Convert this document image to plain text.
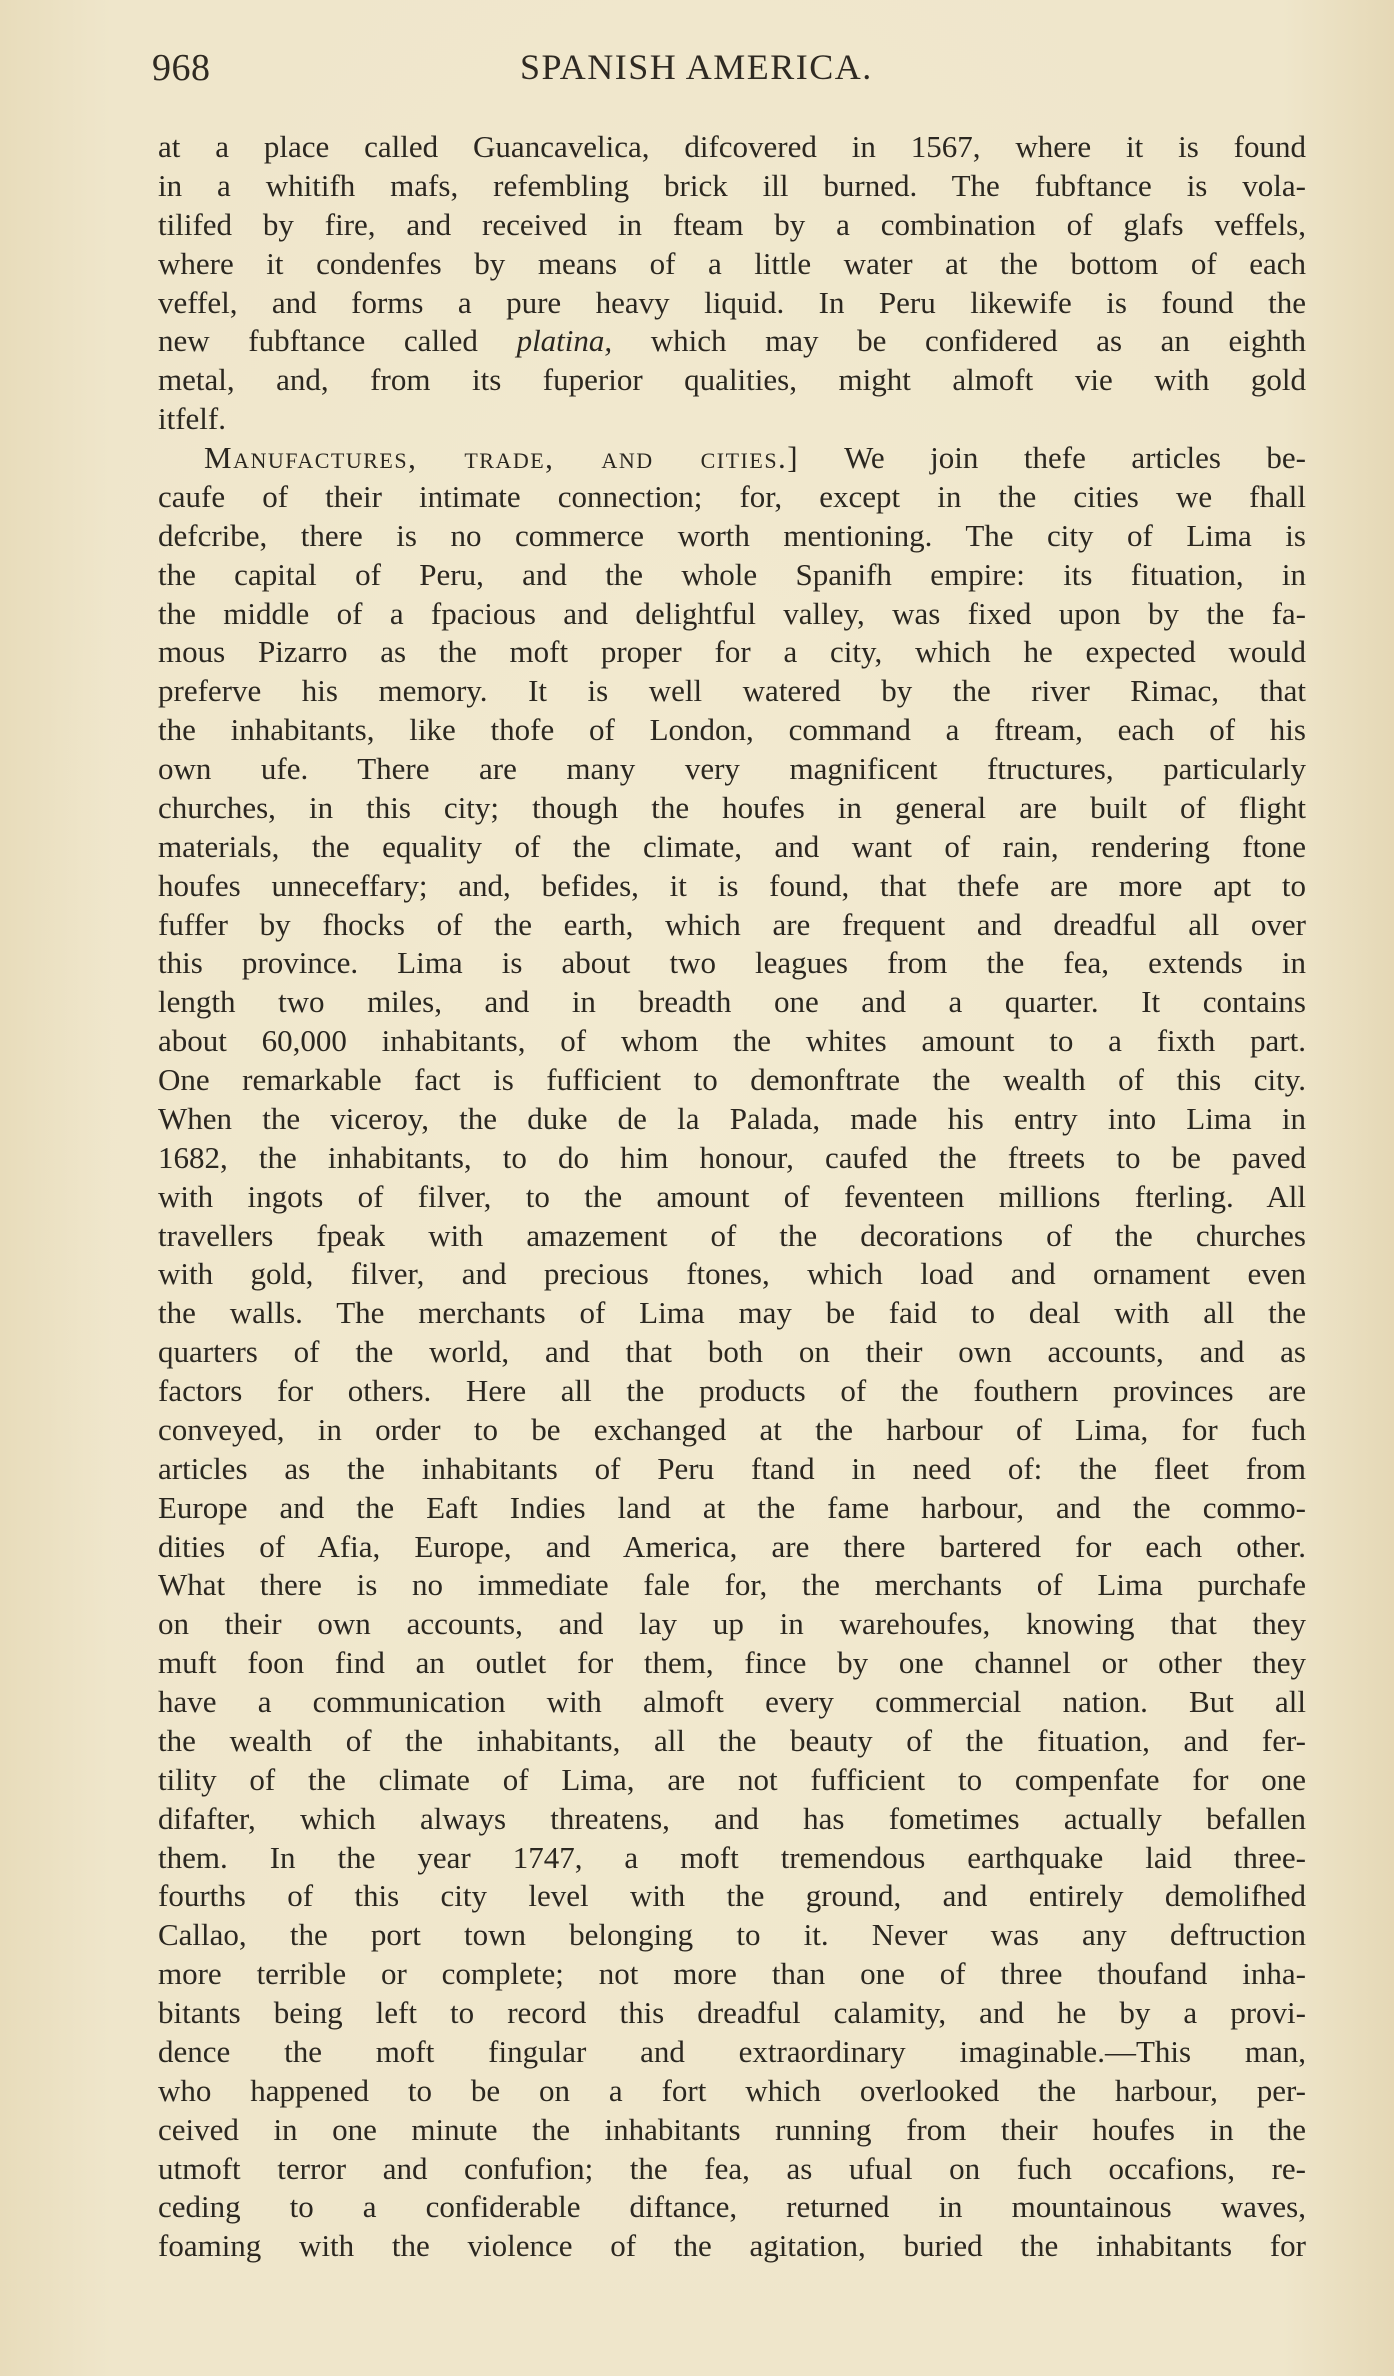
968	SPANISH AMERICA.
at a place called Guancavelica, difcovered in 1567, where it is found
in a whitifh mafs, refembling brick ill burned. The fubftance is vola-
tilifed by fire, and received in fteam by a combination of glafs veffels,
where it condenfes by means of a little water at the bottom of each
veffel, and forms a pure heavy liquid. In Peru likewife is found the
new fubftance called platina, which may be confidered as an eighth
metal, and, from its fuperior qualities, might almoft vie with gold
itfelf.
Manufactures, trade, and cities.] We join thefe articles be-
caufe of their intimate connection; for, except in the cities we fhall
defcribe, there is no commerce worth mentioning. The city of Lima is
the capital of Peru, and the whole Spanifh empire: its fituation, in
the middle of a fpacious and delightful valley, was fixed upon by the fa-
mous Pizarro as the moft proper for a city, which he expected would
preferve his memory. It is well watered by the river Rimac, that
the inhabitants, like thofe of London, command a ftream, each of his
own ufe. There are many very magnificent ftructures, particularly
churches, in this city; though the houfes in general are built of flight
materials, the equality of the climate, and want of rain, rendering ftone
houfes unneceffary; and, befides, it is found, that thefe are more apt to
fuffer by fhocks of the earth, which are frequent and dreadful all over
this province. Lima is about two leagues from the fea, extends in
length two miles, and in breadth one and a quarter. It contains
about 60,000 inhabitants, of whom the whites amount to a fixth part.
One remarkable fact is fufficient to demonftrate the wealth of this city.
When the viceroy, the duke de la Palada, made his entry into Lima in
1682, the inhabitants, to do him honour, caufed the ftreets to be paved
with ingots of filver, to the amount of feventeen millions fterling. All
travellers fpeak with amazement of the decorations of the churches
with gold, filver, and precious ftones, which load and ornament even
the walls. The merchants of Lima may be faid to deal with all the
quarters of the world, and that both on their own accounts, and as
factors for others. Here all the products of the fouthern provinces are
conveyed, in order to be exchanged at the harbour of Lima, for fuch
articles as the inhabitants of Peru ftand in need of: the fleet from
Europe and the Eaft Indies land at the fame harbour, and the commo-
dities of Afia, Europe, and America, are there bartered for each other.
What there is no immediate fale for, the merchants of Lima purchafe
on their own accounts, and lay up in warehoufes, knowing that they
muft foon find an outlet for them, fince by one channel or other they
have a communication with almoft every commercial nation. But all
the wealth of the inhabitants, all the beauty of the fituation, and fer-
tility of the climate of Lima, are not fufficient to compenfate for one
difafter, which always threatens, and has fometimes actually befallen
them. In the year 1747, a moft tremendous earthquake laid three-
fourths of this city level with the ground, and entirely demolifhed
Callao, the port town belonging to it. Never was any deftruction
more terrible or complete; not more than one of three thoufand inha-
bitants being left to record this dreadful calamity, and he by a provi-
dence the moft fingular and extraordinary imaginable.—This man,
who happened to be on a fort which overlooked the harbour, per-
ceived in one minute the inhabitants running from their houfes in the
utmoft terror and confufion; the fea, as ufual on fuch occafions, re-
ceding to a confiderable diftance, returned in mountainous waves,
foaming with the violence of the agitation, buried the inhabitants for
